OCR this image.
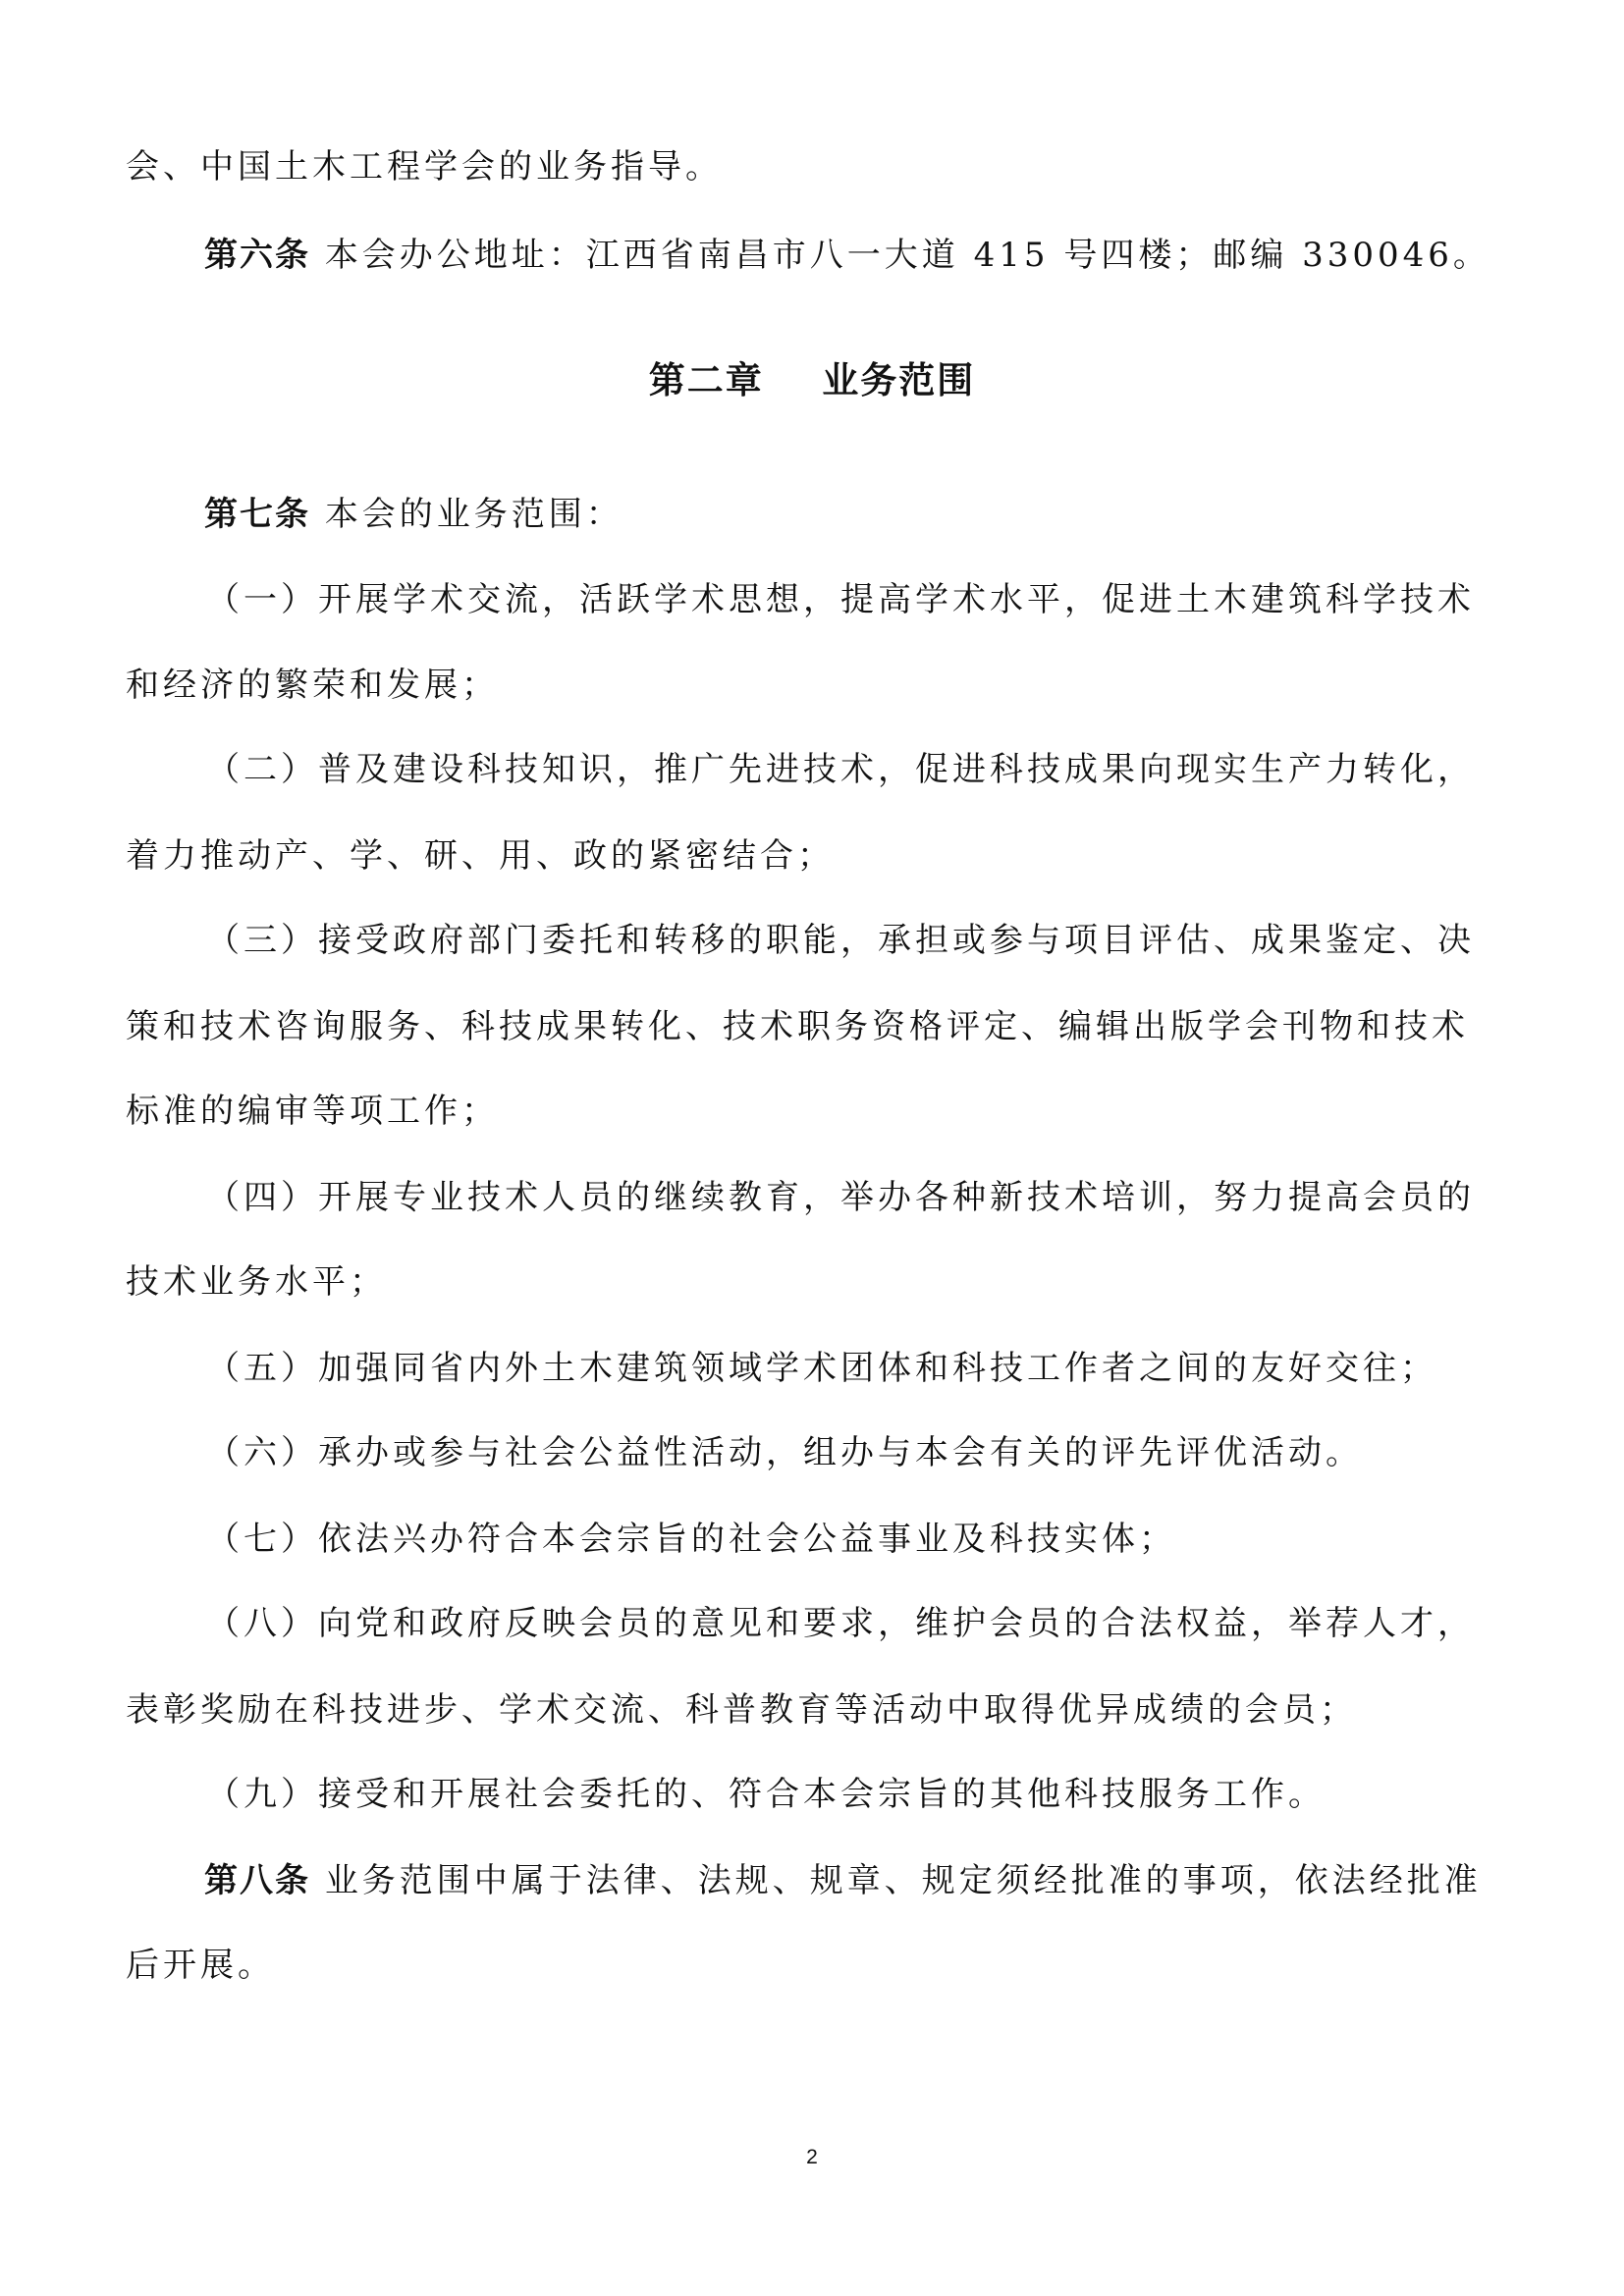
会、中国土木工程学会的业务指导。
第六条 本会办公地址：江西省南昌市八一大道 415 号四楼；邮编 330046。
第二章 业务范围
第七条 本会的业务范围：
（一）开展学术交流，活跃学术思想，提高学术水平，促进土木建筑科学技术
和经济的繁荣和发展；
（二）普及建设科技知识，推广先进技术，促进科技成果向现实生产力转化，
着力推动产、学、研、用、政的紧密结合；
（三）接受政府部门委托和转移的职能，承担或参与项目评估、成果鉴定、决
策和技术咨询服务、科技成果转化、技术职务资格评定、编辑出版学会刊物和技术
标准的编审等项工作；
（四）开展专业技术人员的继续教育，举办各种新技术培训，努力提高会员的
技术业务水平；
（五）加强同省内外土木建筑领域学术团体和科技工作者之间的友好交往；
（六）承办或参与社会公益性活动，组办与本会有关的评先评优活动。
（七）依法兴办符合本会宗旨的社会公益事业及科技实体；
（八）向党和政府反映会员的意见和要求，维护会员的合法权益，举荐人才，
表彰奖励在科技进步、学术交流、科普教育等活动中取得优异成绩的会员；
（九）接受和开展社会委托的、符合本会宗旨的其他科技服务工作。
第八条 业务范围中属于法律、法规、规章、规定须经批准的事项，依法经批准
后开展。
2
